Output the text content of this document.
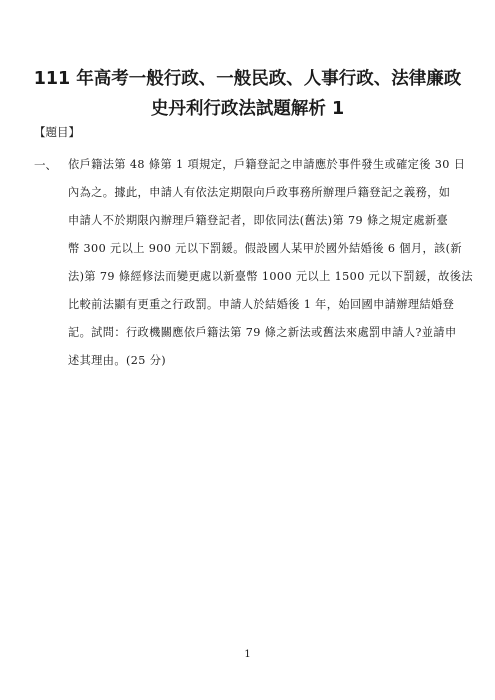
111 年高考一般行政、一般民政、人事行政、法律廉政
史丹利行政法試題解析 1
【題目】
一、 依戶籍法第 48 條第 1 項規定，戶籍登記之申請應於事件發生或確定後 30 日
內為之。據此，申請人有依法定期限向戶政事務所辦理戶籍登記之義務，如
申請人不於期限內辦理戶籍登記者，即依同法(舊法)第 79 條之規定處新臺
幣 300 元以上 900 元以下罰鍰。假設國人某甲於國外結婚後 6 個月，該(新
法)第 79 條經修法而變更處以新臺幣 1000 元以上 1500 元以下罰鍰，故後法
比較前法顯有更重之行政罰。申請人於結婚後 1 年，始回國申請辦理結婚登
記。試問：行政機關應依戶籍法第 79 條之新法或舊法來處罰申請人?並請申
述其理由。(25 分)
1
